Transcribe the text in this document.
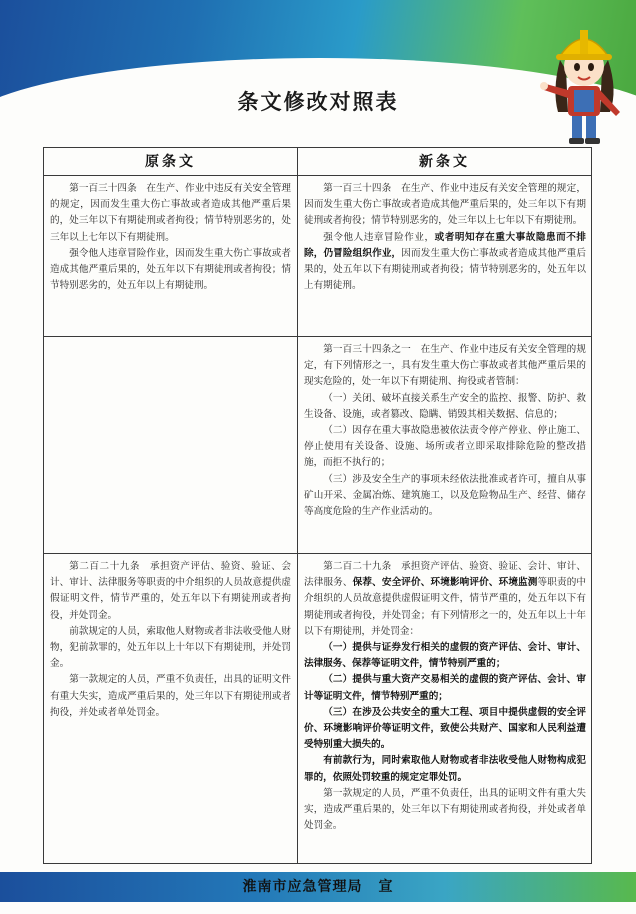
条文修改对照表
原条文	新条文

第一百三十四条　在生产、作业中违反有关安全管理的规定，因而发生重大伤亡事故或者造成其他严重后果的，处三年以下有期徒刑或者拘役；情节特别恶劣的，处三年以上七年以下有期徒刑。

强令他人违章冒险作业，因而发生重大伤亡事故或者造成其他严重后果的，处五年以下有期徒刑或者拘役；情节特别恶劣的，处五年以上有期徒刑。

第一百三十四条　在生产、作业中违反有关安全管理的规定，因而发生重大伤亡事故或者造成其他严重后果的，处三年以下有期徒刑或者拘役；情节特别恶劣的，处三年以上七年以下有期徒刑。

强令他人违章冒险作业，或者明知存在重大事故隐患而不排除，仍冒险组织作业，因而发生重大伤亡事故或者造成其他严重后果的，处五年以下有期徒刑或者拘役；情节特别恶劣的，处五年以上有期徒刑。

第一百三十四条之一　在生产、作业中违反有关安全管理的规定，有下列情形之一，具有发生重大伤亡事故或者其他严重后果的现实危险的，处一年以下有期徒刑、拘役或者管制：

（一）关闭、破坏直接关系生产安全的监控、报警、防护、救生设备、设施，或者篡改、隐瞒、销毁其相关数据、信息的；

（二）因存在重大事故隐患被依法责令停产停业、停止施工、停止使用有关设备、设施、场所或者立即采取排除危险的整改措施，而拒不执行的；

（三）涉及安全生产的事项未经依法批准或者许可，擅自从事矿山开采、金属冶炼、建筑施工，以及危险物品生产、经营、储存等高度危险的生产作业活动的。

第二百二十九条　承担资产评估、验资、验证、会计、审计、法律服务等职责的中介组织的人员故意提供虚假证明文件，情节严重的，处五年以下有期徒刑或者拘役，并处罚金。

前款规定的人员，索取他人财物或者非法收受他人财物，犯前款罪的，处五年以上十年以下有期徒刑，并处罚金。

第一款规定的人员，严重不负责任，出具的证明文件有重大失实，造成严重后果的，处三年以下有期徒刑或者拘役，并处或者单处罚金。

第二百二十九条　承担资产评估、验资、验证、会计、审计、法律服务、保荐、安全评价、环境影响评价、环境监测等职责的中介组织的人员故意提供虚假证明文件，情节严重的，处五年以下有期徒刑或者拘役，并处罚金；有下列情形之一的，处五年以上十年以下有期徒刑，并处罚金：

（一）提供与证券发行相关的虚假的资产评估、会计、审计、法律服务、保荐等证明文件，情节特别严重的；

（二）提供与重大资产交易相关的虚假的资产评估、会计、审计等证明文件，情节特别严重的；

（三）在涉及公共安全的重大工程、项目中提供虚假的安全评价、环境影响评价等证明文件，致使公共财产、国家和人民利益遭受特别重大损失的。

有前款行为，同时索取他人财物或者非法收受他人财物构成犯罪的，依照处罚较重的规定定罪处罚。

第一款规定的人员，严重不负责任，出具的证明文件有重大失实，造成严重后果的，处三年以下有期徒刑或者拘役，并处或者单处罚金。

淮南市应急管理局 宣
